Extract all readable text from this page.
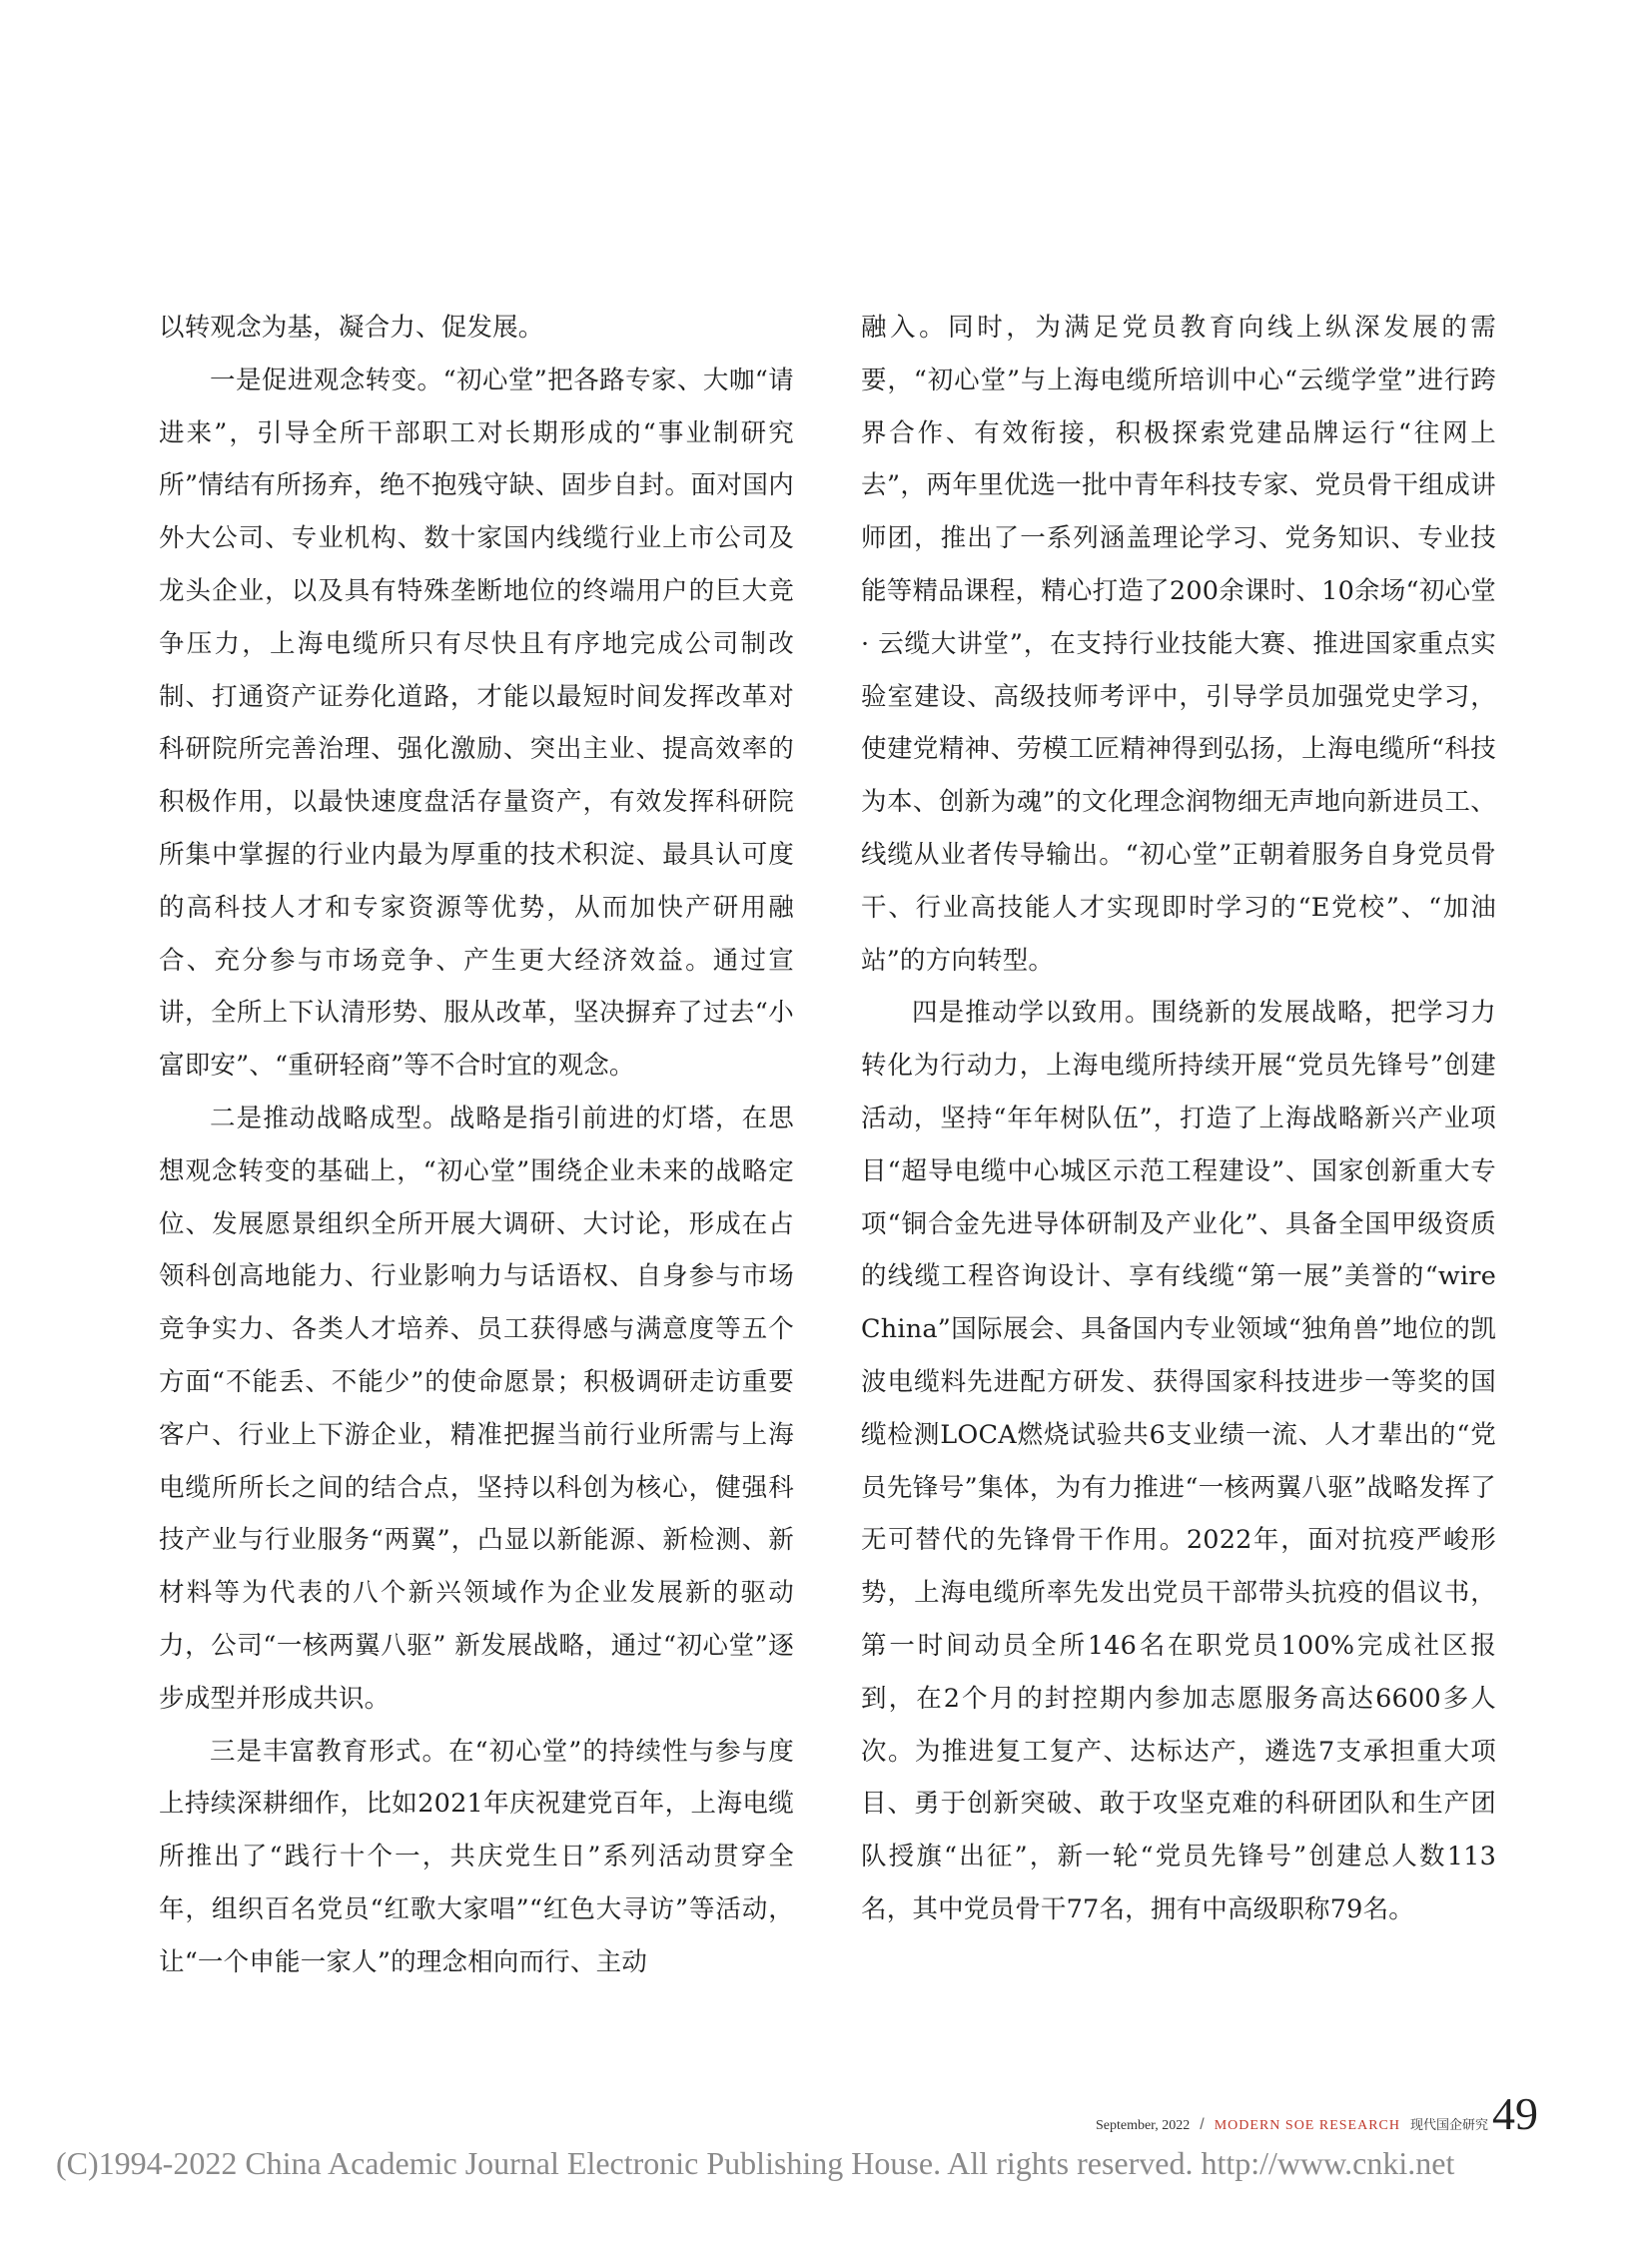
以转观念为基，凝合力、促发展。

一是促进观念转变。“初心堂”把各路专家、大咖“请进来”，引导全所干部职工对长期形成的“事业制研究所”情结有所扬弃，绝不抱残守缺、固步自封。面对国内外大公司、专业机构、数十家国内线缆行业上市公司及龙头企业，以及具有特殊垄断地位的终端用户的巨大竞争压力，上海电缆所只有尽快且有序地完成公司制改制、打通资产证券化道路，才能以最短时间发挥改革对科研院所完善治理、强化激励、突出主业、提高效率的积极作用，以最快速度盘活存量资产，有效发挥科研院所集中掌握的行业内最为厚重的技术积淀、最具认可度的高科技人才和专家资源等优势，从而加快产研用融合、充分参与市场竞争、产生更大经济效益。通过宣讲，全所上下认清形势、服从改革，坚决摒弃了过去“小富即安”、“重研轻商”等不合时宜的观念。

二是推动战略成型。战略是指引前进的灯塔，在思想观念转变的基础上，“初心堂”围绕企业未来的战略定位、发展愿景组织全所开展大调研、大讨论，形成在占领科创高地能力、行业影响力与话语权、自身参与市场竞争实力、各类人才培养、员工获得感与满意度等五个方面“不能丢、不能少”的使命愿景；积极调研走访重要客户、行业上下游企业，精准把握当前行业所需与上海电缆所所长之间的结合点，坚持以科创为核心，健强科技产业与行业服务“两翼”，凸显以新能源、新检测、新材料等为代表的八个新兴领域作为企业发展新的驱动力，公司“一核两翼八驱” 新发展战略，通过“初心堂”逐步成型并形成共识。

三是丰富教育形式。在“初心堂”的持续性与参与度上持续深耕细作，比如2021年庆祝建党百年，上海电缆所推出了“践行十个一，共庆党生日”系列活动贯穿全年，组织百名党员“红歌大家唱”“红色大寻访”等活动，让“一个申能一家人”的理念相向而行、主动

融入。同时，为满足党员教育向线上纵深发展的需要，“初心堂”与上海电缆所培训中心“云缆学堂”进行跨界合作、有效衔接，积极探索党建品牌运行“往网上去”，两年里优选一批中青年科技专家、党员骨干组成讲师团，推出了一系列涵盖理论学习、党务知识、专业技能等精品课程，精心打造了200余课时、10余场“初心堂 · 云缆大讲堂”，在支持行业技能大赛、推进国家重点实验室建设、高级技师考评中，引导学员加强党史学习，使建党精神、劳模工匠精神得到弘扬，上海电缆所“科技为本、创新为魂”的文化理念润物细无声地向新进员工、线缆从业者传导输出。“初心堂”正朝着服务自身党员骨干、行业高技能人才实现即时学习的“E党校”、“加油站”的方向转型。

四是推动学以致用。围绕新的发展战略，把学习力转化为行动力，上海电缆所持续开展“党员先锋号”创建活动，坚持“年年树队伍”，打造了上海战略新兴产业项目“超导电缆中心城区示范工程建设”、国家创新重大专项“铜合金先进导体研制及产业化”、具备全国甲级资质的线缆工程咨询设计、享有线缆“第一展”美誉的“wire China”国际展会、具备国内专业领域“独角兽”地位的凯波电缆料先进配方研发、获得国家科技进步一等奖的国缆检测LOCA燃烧试验共6支业绩一流、人才辈出的“党员先锋号”集体，为有力推进“一核两翼八驱”战略发挥了无可替代的先锋骨干作用。2022年，面对抗疫严峻形势，上海电缆所率先发出党员干部带头抗疫的倡议书，第一时间动员全所146名在职党员100%完成社区报到，在2个月的封控期内参加志愿服务高达6600多人次。为推进复工复产、达标达产，遴选7支承担重大项目、勇于创新突破、敢于攻坚克难的科研团队和生产团队授旗“出征”，新一轮“党员先锋号”创建总人数113名，其中党员骨干77名，拥有中高级职称79名。

September, 2022 / MODERN SOE RESEARCH 现代国企研究 49
(C)1994-2022 China Academic Journal Electronic Publishing House. All rights reserved. http://www.cnki.net
